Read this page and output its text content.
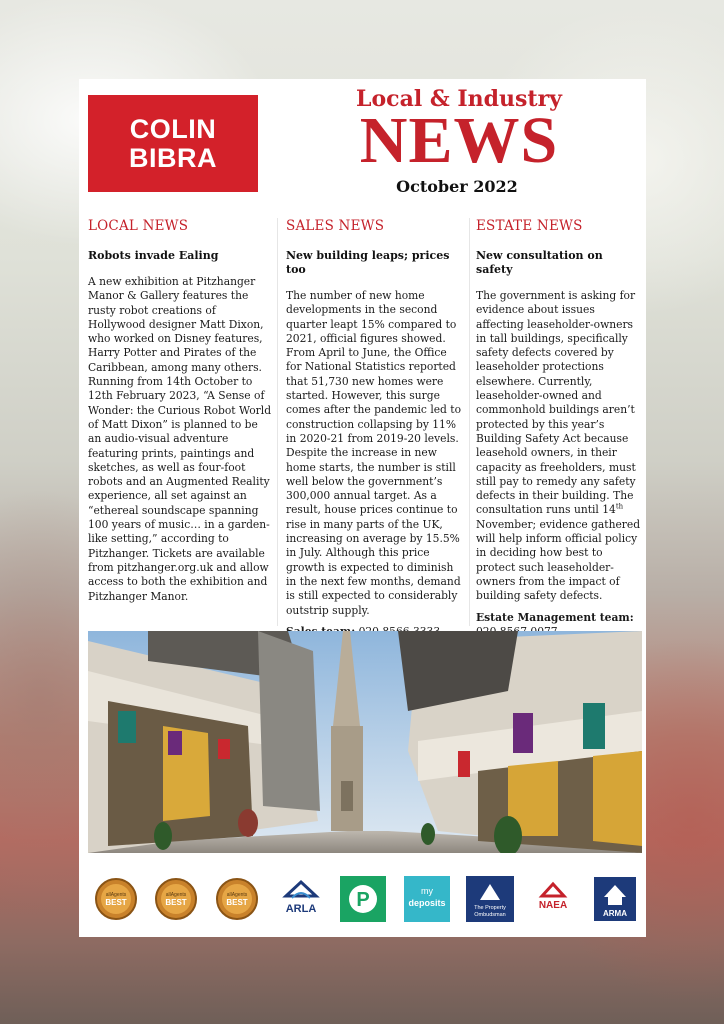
COLIN
BIBRA
Local & Industry
NEWS
October 2022
LOCAL NEWS
Robots invade Ealing

A new exhibition at Pitzhanger Manor & Gallery features the rusty robot creations of Hollywood designer Matt Dixon, who worked on Disney features, Harry Potter and Pirates of the Caribbean, among many others. Running from 14th October to 12th February 2023, “A Sense of Wonder: the Curious Robot World of Matt Dixon” is planned to be an audio-visual adventure featuring prints, paintings and sketches, as well as four-foot robots and an Augmented Reality experience, all set against an “ethereal soundscape spanning 100 years of music… in a garden-like setting,” according to Pitzhanger. Tickets are available from pitzhanger.org.uk and allow access to both the exhibition and Pitzhanger Manor.

SALES NEWS
New building leaps; prices too

The number of new home developments in the second quarter leapt 15% compared to 2021, official figures showed. From April to June, the Office for National Statistics reported that 51,730 new homes were started. However, this surge comes after the pandemic led to construction collapsing by 11% in 2020-21 from 2019-20 levels. Despite the increase in new home starts, the number is still well below the government’s 300,000 annual target. As a result, house prices continue to rise in many parts of the UK, increasing on average by 15.5% in July. Although this price growth is expected to diminish in the next few months, demand is still expected to considerably outstrip supply.

ESTATE NEWS
New consultation on safety

The government is asking for evidence about issues affecting leaseholder-owners in tall buildings, specifically safety defects covered by leaseholder protections elsewhere. Currently, leaseholder-owned and commonhold buildings aren’t protected by this year’s Building Safety Act because leasehold owners, in their capacity as freeholders, must still pay to remedy any safety defects in their building. The consultation runs until 14th November; evidence gathered will help inform official policy in deciding how best to protect such leaseholder-owners from the impact of building safety defects.

Estate Management team:

allAgents
BEST
allAgents
BEST
allAgents
BEST
ARLA P	my
deposits	The Property
Ombudsman
NAEA
ARMA
